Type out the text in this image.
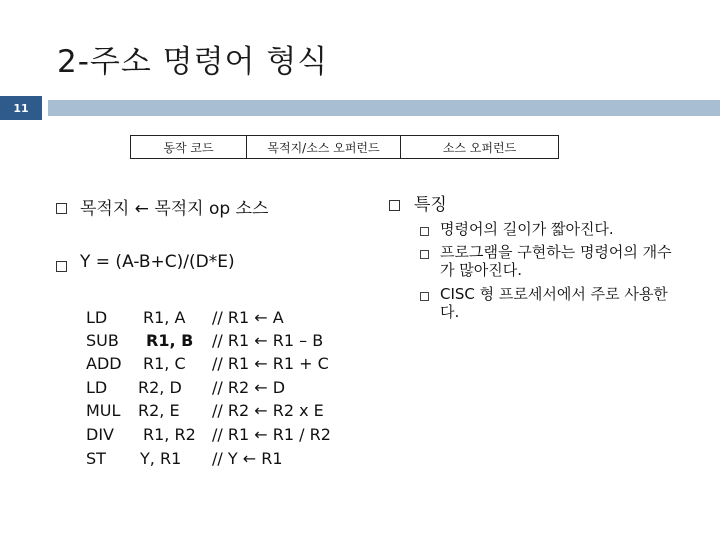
2-주소 명령어 형식
11
동작 코드	목적지/소스 오퍼런드	소스 오퍼런드
목적지 ← 목적지 op 소스
Y = (A-B+C)/(D*E)
LD R1, A // R1 ← A
SUB R1, B // R1 ← R1 – B
ADD R1, C // R1 ← R1 + C
LD R2, D // R2 ← D
MUL R2, E // R2 ← R2 x E
DIV R1, R2 // R1 ← R1 / R2
ST Y, R1 // Y ← R1
특징
명령어의 길이가 짧아진다.
프로그램을 구현하는 명령어의 개수가 많아진다.
CISC 형 프로세서에서 주로 사용한다.
